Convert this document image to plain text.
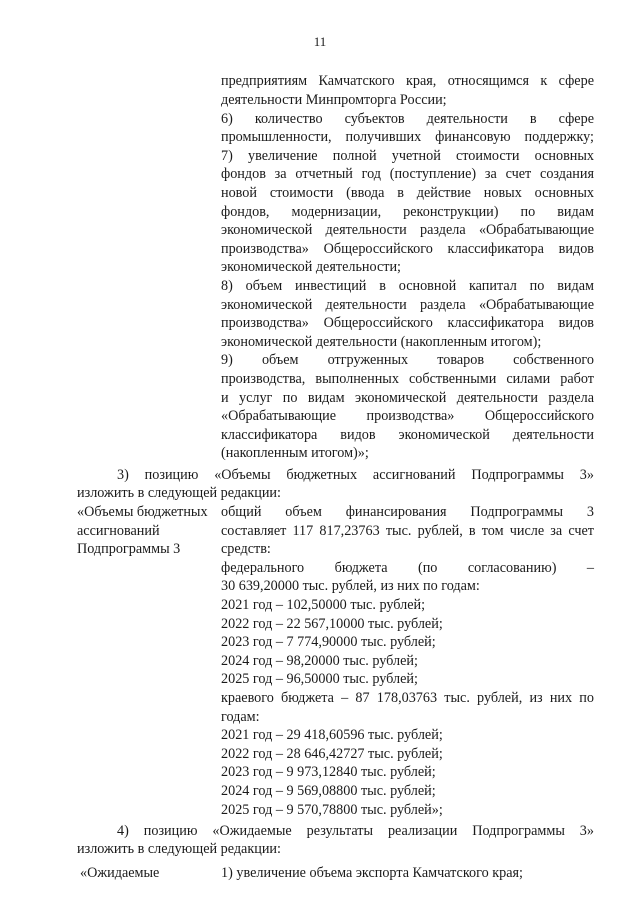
11
предприятиям Камчатского края, относящимся к сфере
деятельности Минпромторга России;
6) количество субъектов деятельности в сфере
промышленности, получивших финансовую поддержку;
7) увеличение полной учетной стоимости основных
фондов за отчетный год (поступление) за счет создания
новой стоимости (ввода в действие новых основных
фондов, модернизации, реконструкции) по видам
экономической деятельности раздела «Обрабатывающие
производства» Общероссийского классификатора видов
экономической деятельности;
8) объем инвестиций в основной капитал по видам
экономической деятельности раздела «Обрабатывающие
производства» Общероссийского классификатора видов
экономической деятельности (накопленным итогом);
9) объем отгруженных товаров собственного
производства, выполненных собственными силами работ
и услуг по видам экономической деятельности раздела
«Обрабатывающие производства» Общероссийского
классификатора видов экономической деятельности
(накопленным итогом)»;
3) позицию «Объемы бюджетных ассигнований Подпрограммы 3»
изложить в следующей редакции:
«Объемы бюджетных
ассигнований
Подпрограммы 3
общий объем финансирования Подпрограммы 3
составляет 117 817,23763 тыс. рублей, в том числе за счет
средств:
федерального бюджета (по согласованию) –
30 639,20000 тыс. рублей, из них по годам:
2021 год – 102,50000 тыс. рублей;
2022 год – 22 567,10000 тыс. рублей;
2023 год – 7 774,90000 тыс. рублей;
2024 год – 98,20000 тыс. рублей;
2025 год – 96,50000 тыс. рублей;
краевого бюджета – 87 178,03763 тыс. рублей, из них по
годам:
2021 год – 29 418,60596 тыс. рублей;
2022 год – 28 646,42727 тыс. рублей;
2023 год – 9 973,12840 тыс. рублей;
2024 год – 9 569,08800 тыс. рублей;
2025 год – 9 570,78800 тыс. рублей»;
4) позицию «Ожидаемые результаты реализации Подпрограммы 3»
изложить в следующей редакции:
«Ожидаемые	1) увеличение объема экспорта Камчатского края;
